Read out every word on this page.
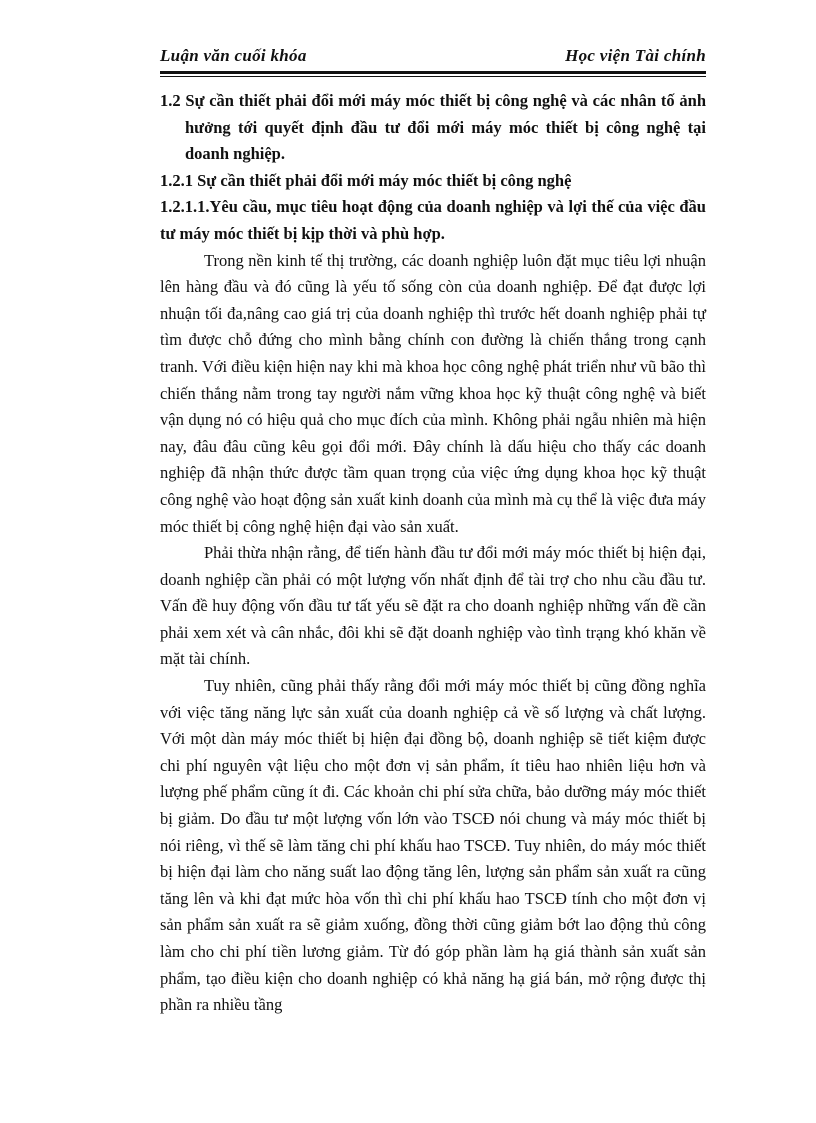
Luận văn cuối khóa	Học viện Tài chính

1.2 Sự cần thiết phải đổi mới máy móc thiết bị công nghệ và các nhân tố ảnh hưởng tới quyết định đầu tư đổi mới máy móc thiết bị công nghệ tại doanh nghiệp.

1.2.1 Sự cần thiết phải đổi mới máy móc thiết bị công nghệ

1.2.1.1.Yêu cầu, mục tiêu hoạt động của doanh nghiệp và lợi thế của việc đầu tư máy móc thiết bị kịp thời và phù hợp.

Trong nền kinh tế thị trường, các doanh nghiệp luôn đặt mục tiêu lợi nhuận lên hàng đầu và đó cũng là yếu tố sống còn của doanh nghiệp. Để đạt được lợi nhuận tối đa,nâng cao giá trị của doanh nghiệp thì trước hết doanh nghiệp phải tự tìm được chỗ đứng cho mình bằng chính con đường là chiến thắng trong cạnh tranh. Với điều kiện hiện nay khi mà khoa học công nghệ phát triển như vũ bão thì chiến thắng nằm trong tay người nắm vững khoa học kỹ thuật công nghệ và biết vận dụng nó có hiệu quả cho mục đích của mình. Không phải ngẫu nhiên mà hiện nay, đâu đâu cũng kêu gọi đổi mới. Đây chính là dấu hiệu cho thấy các doanh nghiệp đã nhận thức được tầm quan trọng của việc ứng dụng khoa học kỹ thuật công nghệ vào hoạt động sản xuất kinh doanh của mình mà cụ thể là việc đưa máy móc thiết bị công nghệ hiện đại vào sản xuất.

Phải thừa nhận rằng, để tiến hành đầu tư đổi mới máy móc thiết bị hiện đại, doanh nghiệp cần phải có một lượng vốn nhất định để tài trợ cho nhu cầu đầu tư. Vấn đề huy động vốn đầu tư tất yếu sẽ đặt ra cho doanh nghiệp những vấn đề cần phải xem xét và cân nhắc, đôi khi sẽ đặt doanh nghiệp vào tình trạng khó khăn về mặt tài chính.

Tuy nhiên, cũng phải thấy rằng đổi mới máy móc thiết bị cũng đồng nghĩa với việc tăng năng lực sản xuất của doanh nghiệp cả về số lượng và chất lượng. Với một dàn máy móc thiết bị hiện đại đồng bộ, doanh nghiệp sẽ tiết kiệm được chi phí nguyên vật liệu cho một đơn vị sản phẩm, ít tiêu hao nhiên liệu hơn và lượng phế phẩm cũng ít đi. Các khoản chi phí sửa chữa, bảo dưỡng máy móc thiết bị giảm. Do đầu tư một lượng vốn lớn vào TSCĐ nói chung và máy móc thiết bị nói riêng, vì thế sẽ làm tăng chi phí khấu hao TSCĐ. Tuy nhiên, do máy móc thiết bị hiện đại làm cho năng suất lao động tăng lên, lượng sản phẩm sản xuất ra cũng tăng lên và khi đạt mức hòa vốn thì chi phí khấu hao TSCĐ tính cho một đơn vị sản phẩm sản xuất ra sẽ giảm xuống, đồng thời cũng giảm bớt lao động thủ công làm cho chi phí tiền lương giảm. Từ đó góp phần làm hạ giá thành sản xuất sản phẩm, tạo điều kiện cho doanh nghiệp có khả năng hạ giá bán, mở rộng được thị phần ra nhiều tầng
